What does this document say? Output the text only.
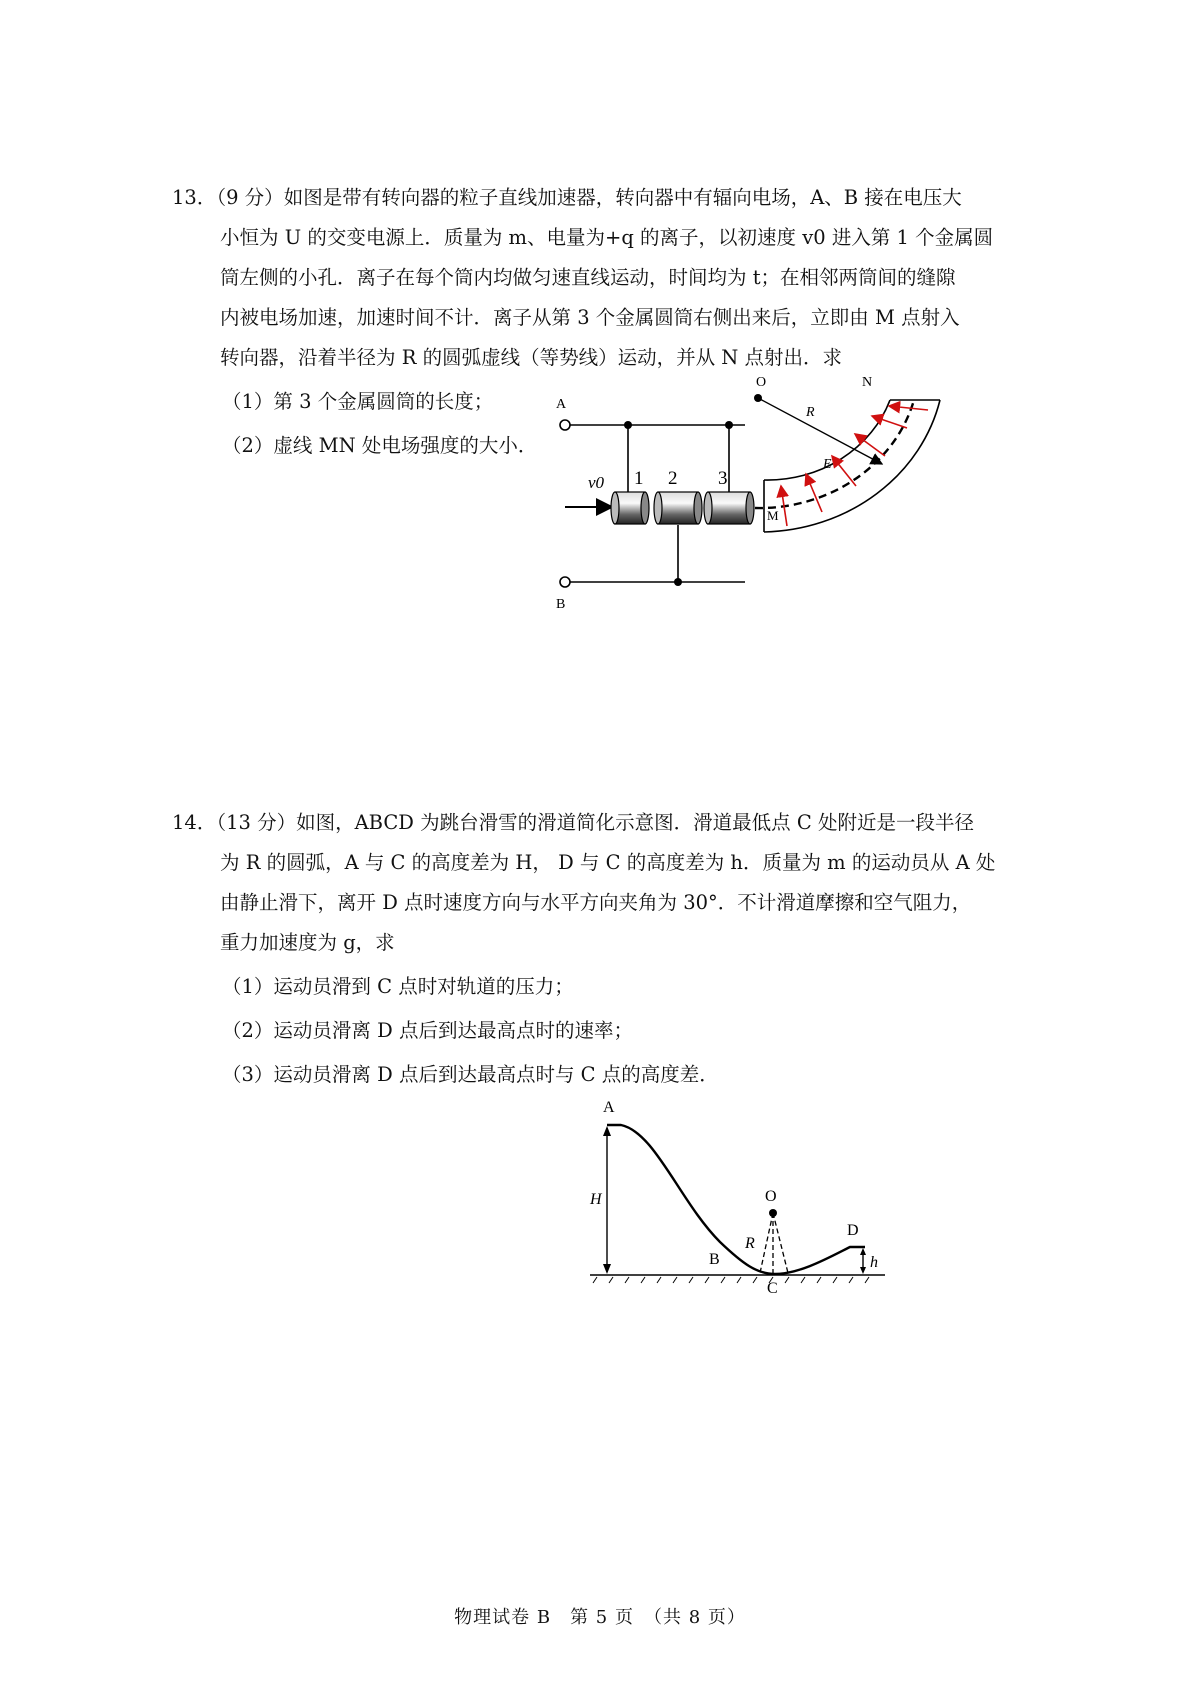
13．（9 分）如图是带有转向器的粒子直线加速器，转向器中有辐向电场，A、B 接在电压大

小恒为 U 的交变电源上．质量为 m、电量为+q 的离子，以初速度 v0 进入第 1 个金属圆

筒左侧的小孔．离子在每个筒内均做匀速直线运动，时间均为 t；在相邻两筒间的缝隙

内被电场加速，加速时间不计．离子从第 3 个金属圆筒右侧出来后，立即由 M 点射入

转向器，沿着半径为 R 的圆弧虚线（等势线）运动，并从 N 点射出．求

（1）第 3 个金属圆筒的长度；

（2）虚线 MN 处电场强度的大小．

A
B
v0 1 2 3
O	N
R
E
M

14．（13 分）如图，ABCD 为跳台滑雪的滑道简化示意图．滑道最低点 C 处附近是一段半径

为 R 的圆弧，A 与 C 的高度差为 H， D 与 C 的高度差为 h．质量为 m 的运动员从 A 处

由静止滑下，离开 D 点时速度方向与水平方向夹角为 30°．不计滑道摩擦和空气阻力，

重力加速度为 g，求

（1）运动员滑到 C 点时对轨道的压力；

（2）运动员滑离 D 点后到达最高点时的速率；

（3）运动员滑离 D 点后到达最高点时与 C 点的高度差．

A
H
B
O
R
C
D
h
物理试卷 B　第 5 页　（共 8 页）
